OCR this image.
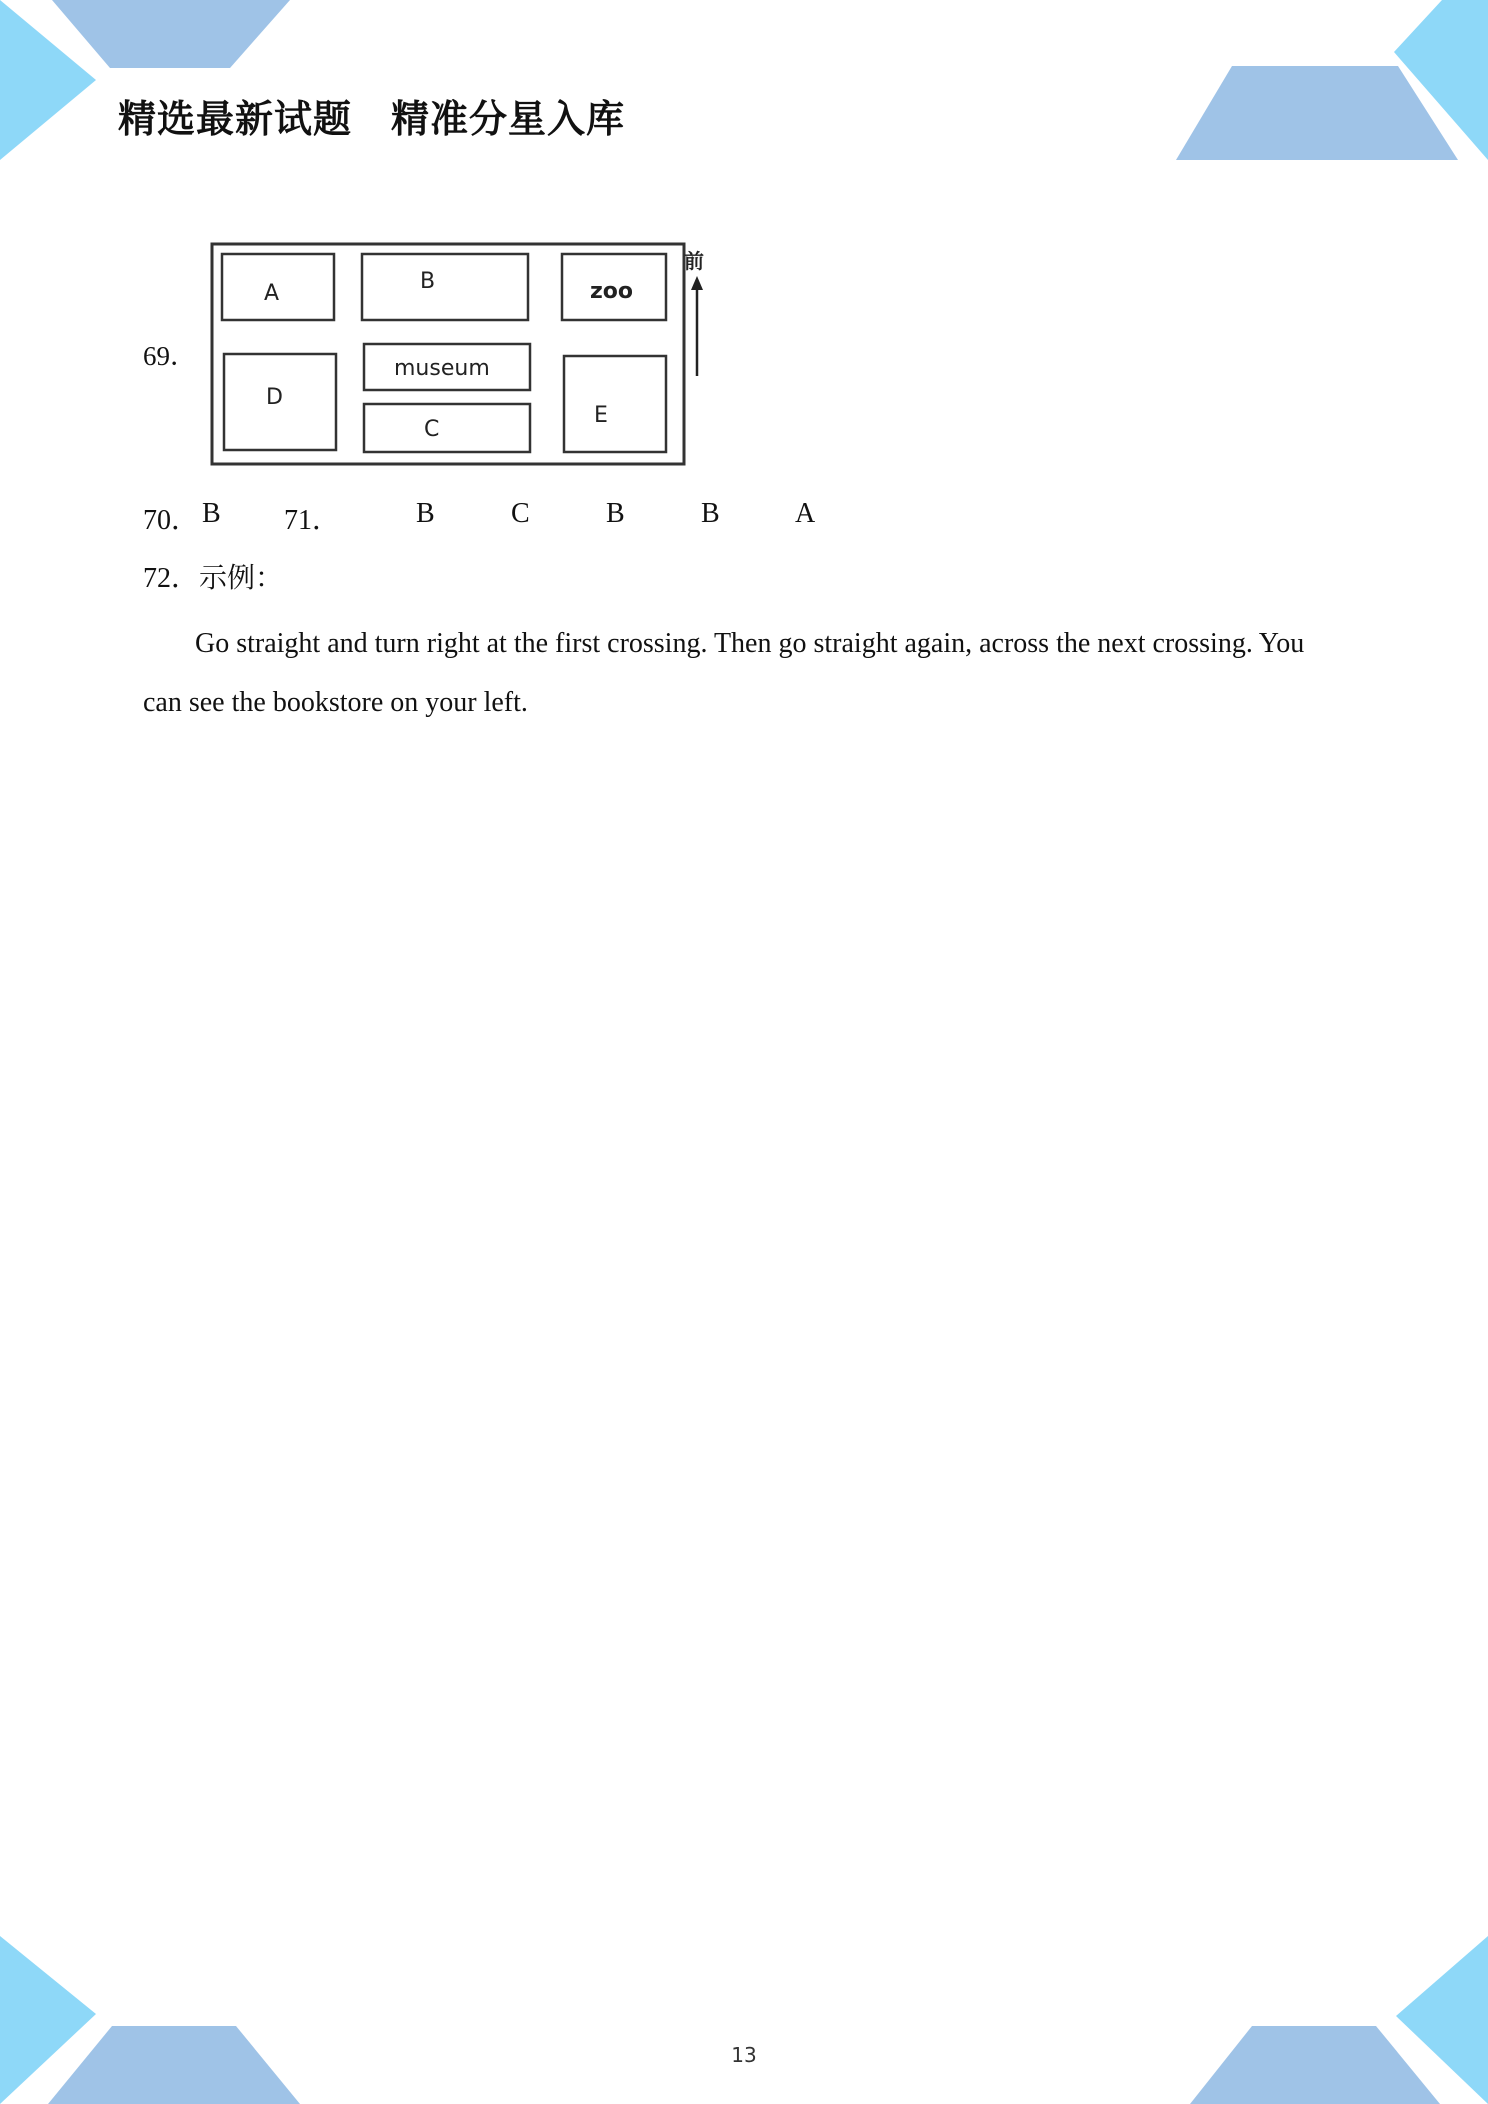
精选最新试题　精准分星入库
69．
A	B	zoo
D
museum
C
E
前
70． B 71．	B	C	B	B	A
72．示例：
Go straight and turn right at the first crossing. Then go straight again, across the next crossing. You can see the bookstore on your left.
13
